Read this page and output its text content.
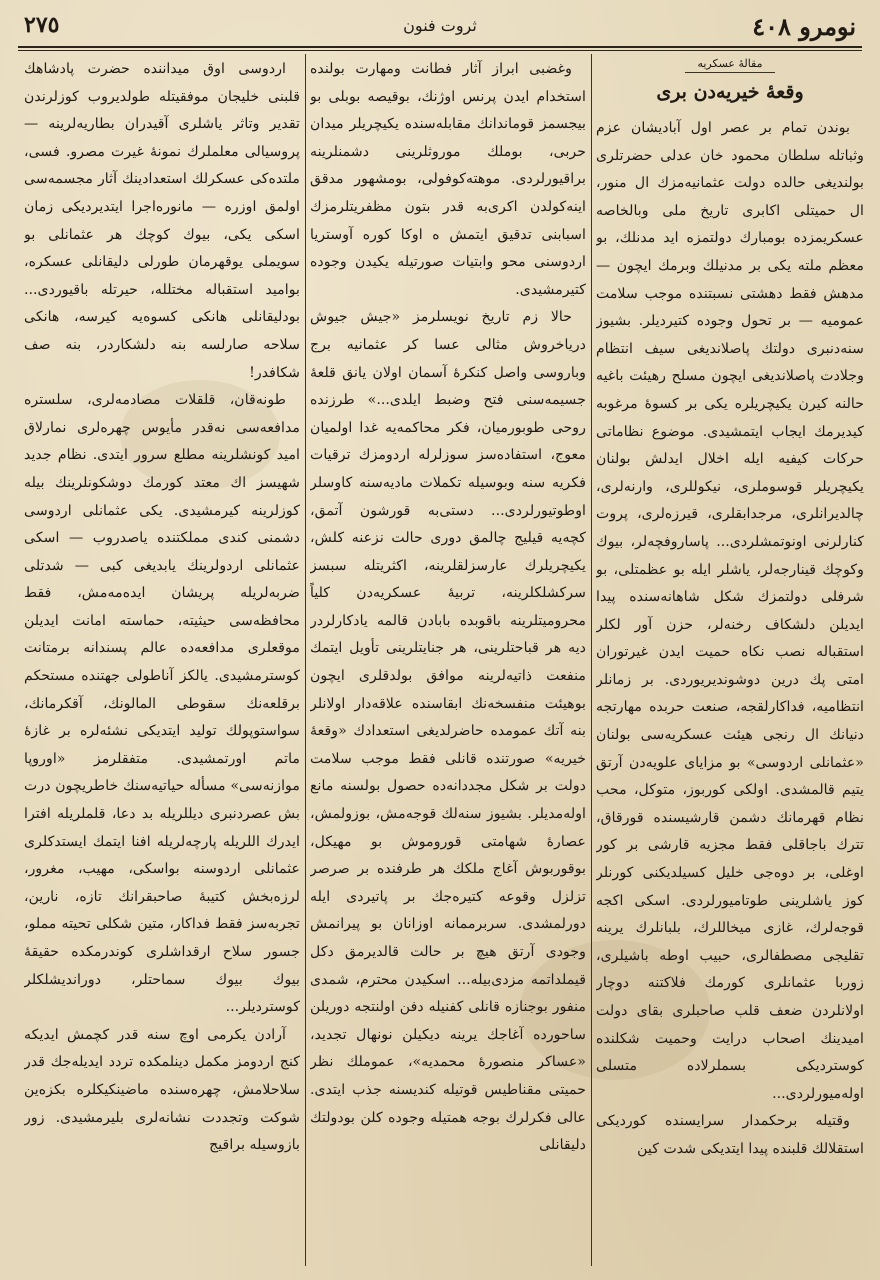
نومرو ٤٠٨
ثروت فنون
٢٧٥
مقالهٔ عسکریه
وقعهٔ خیریه‌دن بری

بوندن تمام بر عصر اول آبادیشان عزم وثباتله سلطان محمود خان عدلی حضرتلری بولندیغی حالده دولت عثمانیه‌مزك ال منور، ال حمیتلی اکابری تاریخ ملی وبالخاصه عسکریمزده بومبارك دولتمزه اید مدنلك، بو معظم ملته یکی بر مدنیلك وبرمك ایچون — مدهش فقط دهشتی نسبتنده موجب سلامت عمومیه — بر تحول وجوده کتیردیلر. بشیوز سنه‌دنبری دولتك پاصلاندیغی سیف انتظام وجلادت پاصلاندیغی ایچون مسلح رهیئت باغیه حالنه کیرن یکیچریلره یکی بر کسوهٔ مرغوبه کیدیرمك ایجاب ایتمشیدی. موضوع نظاماتی حرکات کیفیه ایله اخلال ایدلش بولنان یکیچریلر قوسوملری، نیکوللری، وارنه‌لری، چالدیرانلری، مرجدابقلری، قیرزه‌لری، پروت کنارلرنی اونوتمشلردی... پاساروفچه‌لر، بیوك وکوچك قینارجه‌لر، یاشلر ایله بو عظمتلی، بو شرفلی دولتمزك شکل شاهانه‌سنده پیدا ایدیلن دلشکاف رخنه‌لر، حزن آور لکلر استقباله نصب نکاه حمیت ایدن غیرتوران امتی پك درین دوشوندیریوردی. بر زمانلر انتظامیه، فداکارلقجه، صنعت حربده مهارتجه دنیانك ال رنجی هیئت عسکریه‌سی بولنان «عثمانلی اردوسی» بو مزایای علویه‌دن آرتق یتیم قالمشدی. اولکی کوربوز، متوکل، محب نظام قهرمانك دشمن قارشیسنده قورقاق، تترك باجاقلی فقط مجزیه قارشی بر کور اوغلی، بر دوه‌جی خلیل کسیلدیکنی کورنلر کوز یاشلرینی طوتامیورلردی. اسکی اکجه قوجه‌لرك، غازی میخاللرك، بلبانلرك یرینه تقلیجی مصطفالری، حبیب اوطه باشیلری، زوربا عثمانلری کورمك فلاکتنه دوچار اولانلردن ضعف قلب صاحبلری بقای دولت امیدینك اصحاب درایت وحمیت شکلنده کوستردیکی بسملرلاده متسلی اوله‌میورلردی...

وقتیله برحکمدار سرایسنده کوردیکی استقلالك قلبنده پیدا ایتدیکی شدت کین

وغضبی ابراز آثار فطانت ومهارت بولنده استخدام ایدن پرنس اوژنك، بوقیصه بوبلی بو بیجسمز قوماندانك مقابله‌سنده یکیچریلر میدان حربی، بوملك موروثلرینی دشمنلرینه براقیورلردی. موهته‌کوفولی، بومشهور مدقق اینه‌کولدن اکری‌به قدر بتون مظفریتلرمزك اسبابنی تدقیق ایتمش ه اوکا کوره آوستریا اردوسنی محو وابتیات صورتیله یکیدن وجوده کتیرمشیدی.

حالا زم تاریخ نویسلرمز «جیش جیوش دریاخروش مثالی عسا کر عثمانیه برج وباروسی واصل کنکرهٔ آسمان اولان یانق قلعهٔ جسیمه‌سنی فتح وضبط ایلدی...» طرزنده روحی طوبورمیان، فکر محاکمه‌یه غدا اولمیان معوج، استفاده‌سز سوزلرله اردومزك ترقیات فکریه سنه وبوسیله تکملات مادیه‌سنه کاوسلر اوطوتیورلردی... دستی‌به قورشون آتمق، کچه‌یه قیلیج چالمق دوری حالت نزعنه کلش، یکیچریلرك عارسزلقلرینه، اکثریتله سبسز سرکشلکلرینه، تربیهٔ عسکریه‌دن کلیاً محرومیتلرینه باقوبده بابادن قالمه یادکارلردر دیه هر قباحتلرینی، هر جنایتلرینی تأویل ایتمك منفعت ذاتیه‌لرینه موافق بولدقلری ایچون بوهیئت منفسخه‌نك ابقاسنده علاقه‌دار اولانلر بنه آتك عمومده حاضرلدیغی استعدادك «وقعهٔ خیریه» صورتنده قانلی فقط موجب سلامت دولت بر شکل مجددانه‌ده حصول بولسنه مانع اوله‌مدیلر. بشیوز سنه‌لك قوجه‌مش، بوزولمش، عصارهٔ شهامتی قوروموش بو مهیکل، بوقوربوش آغاج ملکك هر طرفنده بر صرصر تزلزل وقوعه کتیره‌جك بر پاتیردی ایله دورلمشدی. سربرممانه اوزانان بو پیرانمش وجودی آرتق هیچ بر حالت قالدیرمق دکل قیملداتمه مزدی‌بیله... اسکیدن محترم، شمدی منفور بوجنازه قانلی کفنیله دفن اولنتجه دوریلن ساحورده آغاجك یرینه دیکیلن نونهال تجدید، «عساکر منصورهٔ محمدیه»، عموملك نظر حمیتی مقناطیس قوتیله کندیسنه جذب ایتدی. عالی فکرلرك بوجه همتیله وجوده کلن بودولتك دلیقانلی

اردوسی اوق میداننده حضرت پادشاهك قلبنی خلیجان موفقیتله طولدیروب کوزلرندن تقدیر وتاثر یاشلری آقیدران بطاریه‌لرینه — پروسیالی معلملرك نمونهٔ غیرت مصرو. فسی، ملتده‌کی عسکرلك استعدادینك آثار مجسمه‌سی اولمق اوزره — مانوره‌اجرا ایتدیردیکی زمان اسکی یکی، بیوك کوچك هر عثمانلی بو سویملی یوقهرمان طورلی دلیقانلی عسکره، بوامید استقباله مختلله، حیرتله باقیوردی... بودلیقانلی هانکی کسوه‌یه کیرسه، هانکی سلاحه صارلسه بنه دلشکاردر، بنه صف شکافدر!

طونه‌قان، قلقلات مصادمه‌لری، سلستره مدافعه‌سی نه‌قدر مأیوس چهره‌لری نمارلاق امید کونشلرینه مطلع سرور ایتدی. نظام جدید شهیسز اك معتد کورمك دوشکونلرینك بیله کوزلرینه کیرمشیدی. یکی عثمانلی اردوسی دشمنی کندی مملکتنده یاصدروب — اسکی عثمانلی اردولرینك یابدیغی کبی — شدتلی ضربه‌لریله پریشان ایده‌مه‌مش، فقط محافظه‌سی حیثیته، حماسته امانت ایدیلن موقعلری مدافعه‌ده عالم پسندانه برمتانت کوسترمشیدی. یالکز آناطولی جهتنده مستحکم برقلعه‌نك سقوطی المالونك، آقکرمانك، سواستوپولك تولید ایتدیکی نشئه‌لره بر غازهٔ ماتم اورتمشیدی. متفقلرمز «اوروپا موازنه‌سی» مسأله حیاتیه‌سنك خاطریچون درت بش عصردنبری دیللریله بد دعا، قلملریله افترا ایدرك اللریله پارچه‌لریله افنا ایتمك ایستدکلری عثمانلی اردوسنه بواسکی، مهیب، مغرور، لرزه‌بخش کتیبهٔ صاحبقرانك تازه، نارین، تجربه‌سز فقط فداکار، متین شکلی تحیته مملو، جسور سلاح ارقداشلری کوندرمکده حقیقهٔ بیوك بیوك سماحتلر، دوراندیشلکلر کوستردیلر...

آرادن یکرمی اوچ سنه قدر کچمش ایدیکه کنج اردومز مکمل دینلمکده تردد ایدیله‌جك قدر سلاحلامش، چهره‌سنده ماضینکیکلره بکزه‌ین شوکت وتجددت نشانه‌لری بلیرمشیدی. زور بازوسیله براقیج
